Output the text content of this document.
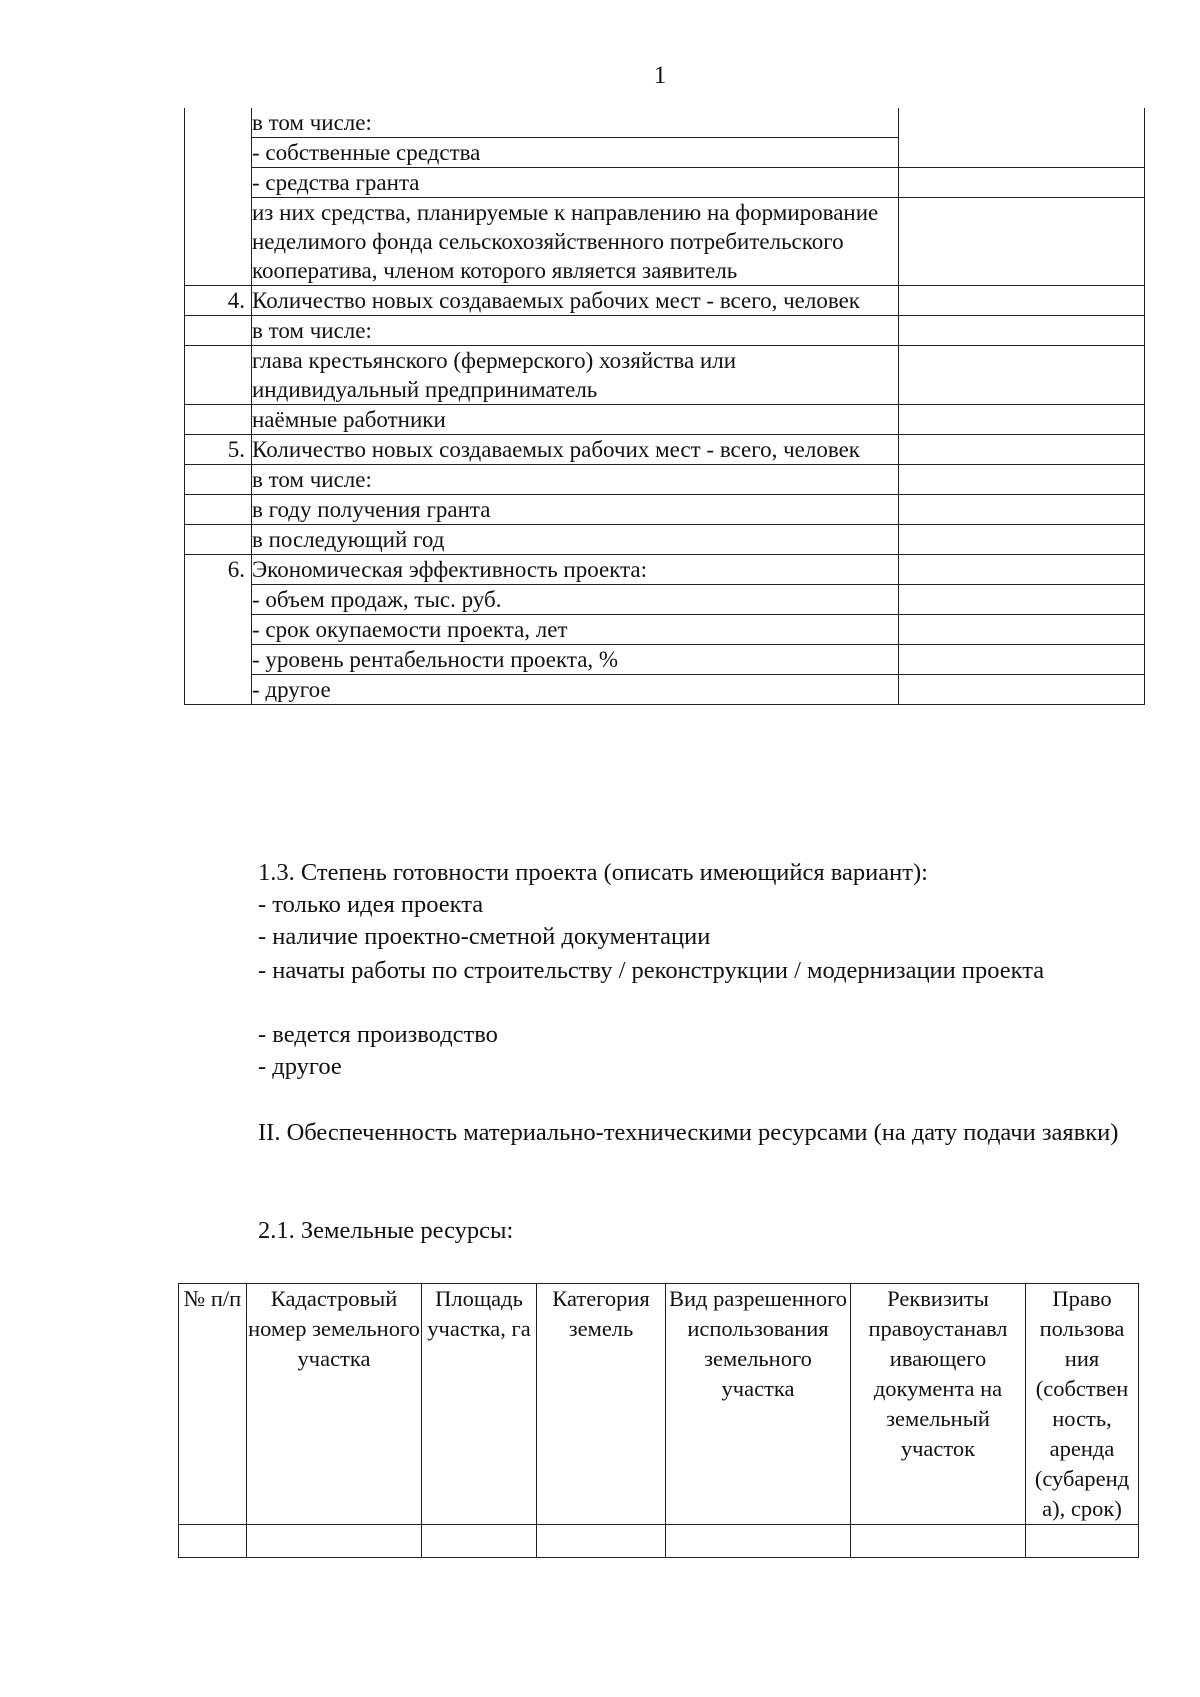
1
	в том числе:	
	- собственные средства	
	- средства гранта	
	из них средства, планируемые к направлению на формирование неделимого фонда сельскохозяйственного потребительского кооператива, членом которого является заявитель	
4.	Количество новых создаваемых рабочих мест - всего, человек	
	в том числе:	
	глава крестьянского (фермерского) хозяйства или индивидуальный предприниматель	
	наёмные работники	
5.	Количество новых создаваемых рабочих мест - всего, человек	
	в том числе:	
	в году получения гранта	
	в последующий год	
6.	Экономическая эффективность проекта:	
	- объем продаж, тыс. руб.	
	- срок окупаемости проекта, лет	
	- уровень рентабельности проекта, %	
	- другое	
1.3. Степень готовности проекта (описать имеющийся вариант):
- только идея проекта
- наличие проектно-сметной документации
- начаты работы по строительству / реконструкции / модернизации проекта
- ведется производство
- другое
II. Обеспеченность материально-техническими ресурсами (на дату подачи заявки)
2.1. Земельные ресурсы:
№ п/п	Кадастровый номер земельного участка	Площадь участка, га	Категория земель	Вид разрешенного использования земельного участка	Реквизиты правоустанавл ивающего документа на земельный участок	Право пользова ния (собствен ность, аренда (субаренд а), срок)
